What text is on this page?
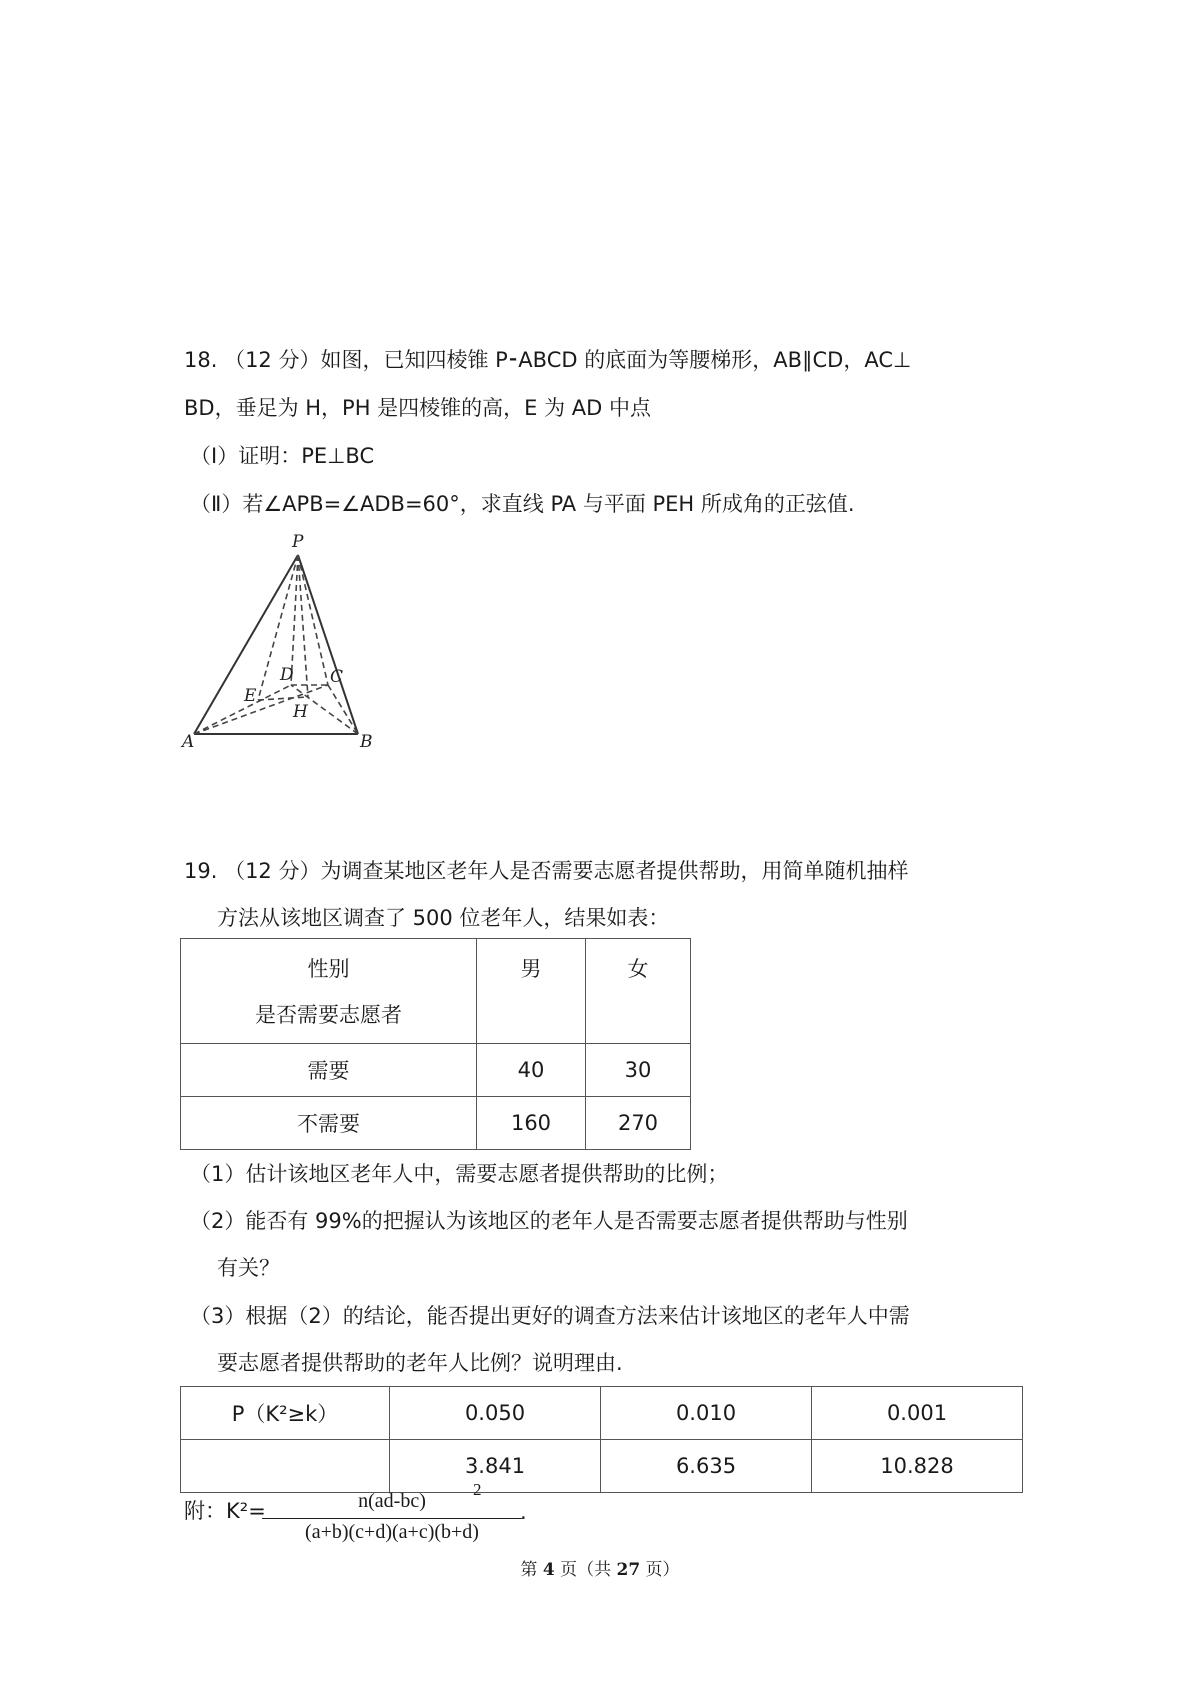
18. （12 分）如图，已知四棱锥 P⁃ABCD 的底面为等腰梯形，AB∥CD，AC⊥
BD，垂足为 H，PH 是四棱锥的高，E 为 AD 中点
（Ⅰ）证明：PE⊥BC
（Ⅱ）若∠APB=∠ADB=60°，求直线 PA 与平面 PEH 所成角的正弦值.
P
A	B
C
D
E
H
19. （12 分）为调查某地区老年人是否需要志愿者提供帮助，用简单随机抽样
方法从该地区调查了 500 位老年人，结果如表：
性别
是否需要志愿者	男	女

需要	40	30
不需要	160	270
（1）估计该地区老年人中，需要志愿者提供帮助的比例；
（2）能否有 99%的把握认为该地区的老年人是否需要志愿者提供帮助与性别
有关？
（3）根据（2）的结论，能否提出更好的调查方法来估计该地区的老年人中需
要志愿者提供帮助的老年人比例？说明理由.
P（K²≥k）	0.050	0.010	0.001
	3.841	6.635	10.828
附：K²=	n(ad-bc)
(a+b)(c+d)(a+c)(b+d)
2
.
第 4 页（共 27 页）
